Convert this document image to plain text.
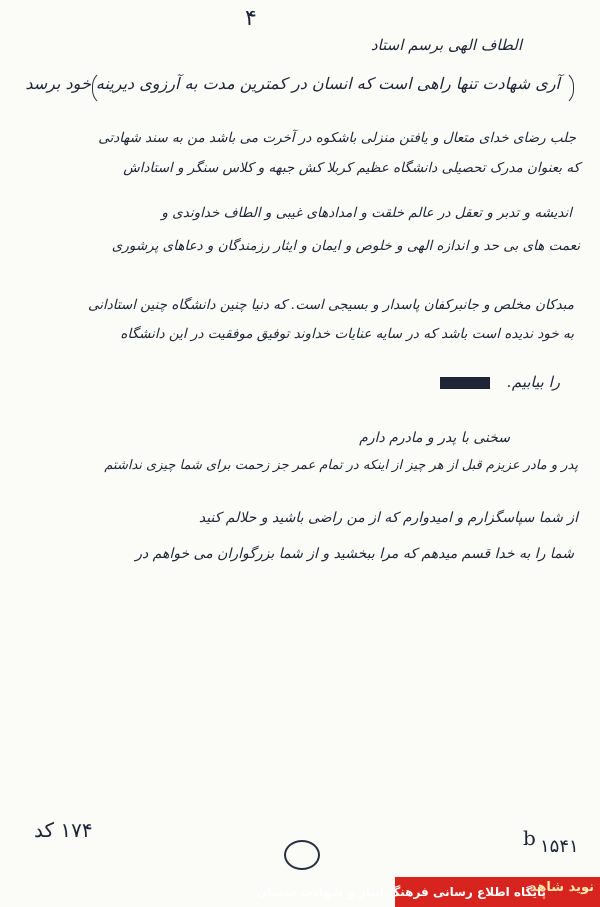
۴
الطاف الهی برسم استاد
آری شهادت تنها راهی است که انسان در کمترین مدت به آرزوی دیرینه خود برسد
جلب رضای خدای متعال و یافتن منزلی باشکوه در آخرت می باشد من به سند شهادتی
که بعنوان مدرک تحصیلی دانشگاه عظیم کربلا کش جبهه و کلاس سنگر و استاداش
اندیشه و تدبر و تعقل در عالم خلقت و امدادهای غیبی و الطاف خداوندی و
نعمت های بی حد و اندازه الهی و خلوص و ایمان و ایثار رزمندگان و دعاهای پرشوری
مبدکان مخلص و جانبرکفان پاسدار و بسیجی است. که دنیا چنین دانشگاه چنین استادانی
به خود ندیده است باشد که در سایه عنایات خداوند توفیق موفقیت در این دانشگاه
را بیابیم.
سخنی با پدر و مادرم دارم
پدر و مادر عزیزم قبل از هر چیز از اینکه در تمام عمر جز زحمت برای شما چیزی نداشتم
از شما سپاسگزارم و امیدوارم که از من راضی باشید و حلالم کنید
شما را به خدا قسم میدهم که مرا ببخشید و از شما بزرگواران می خواهم در
۱۷۴ کد	b ۱۵۴۱
پایگاه اطلاع رسانی فرهنگ ایثار و شهادت سمنان
نوید شاهد
